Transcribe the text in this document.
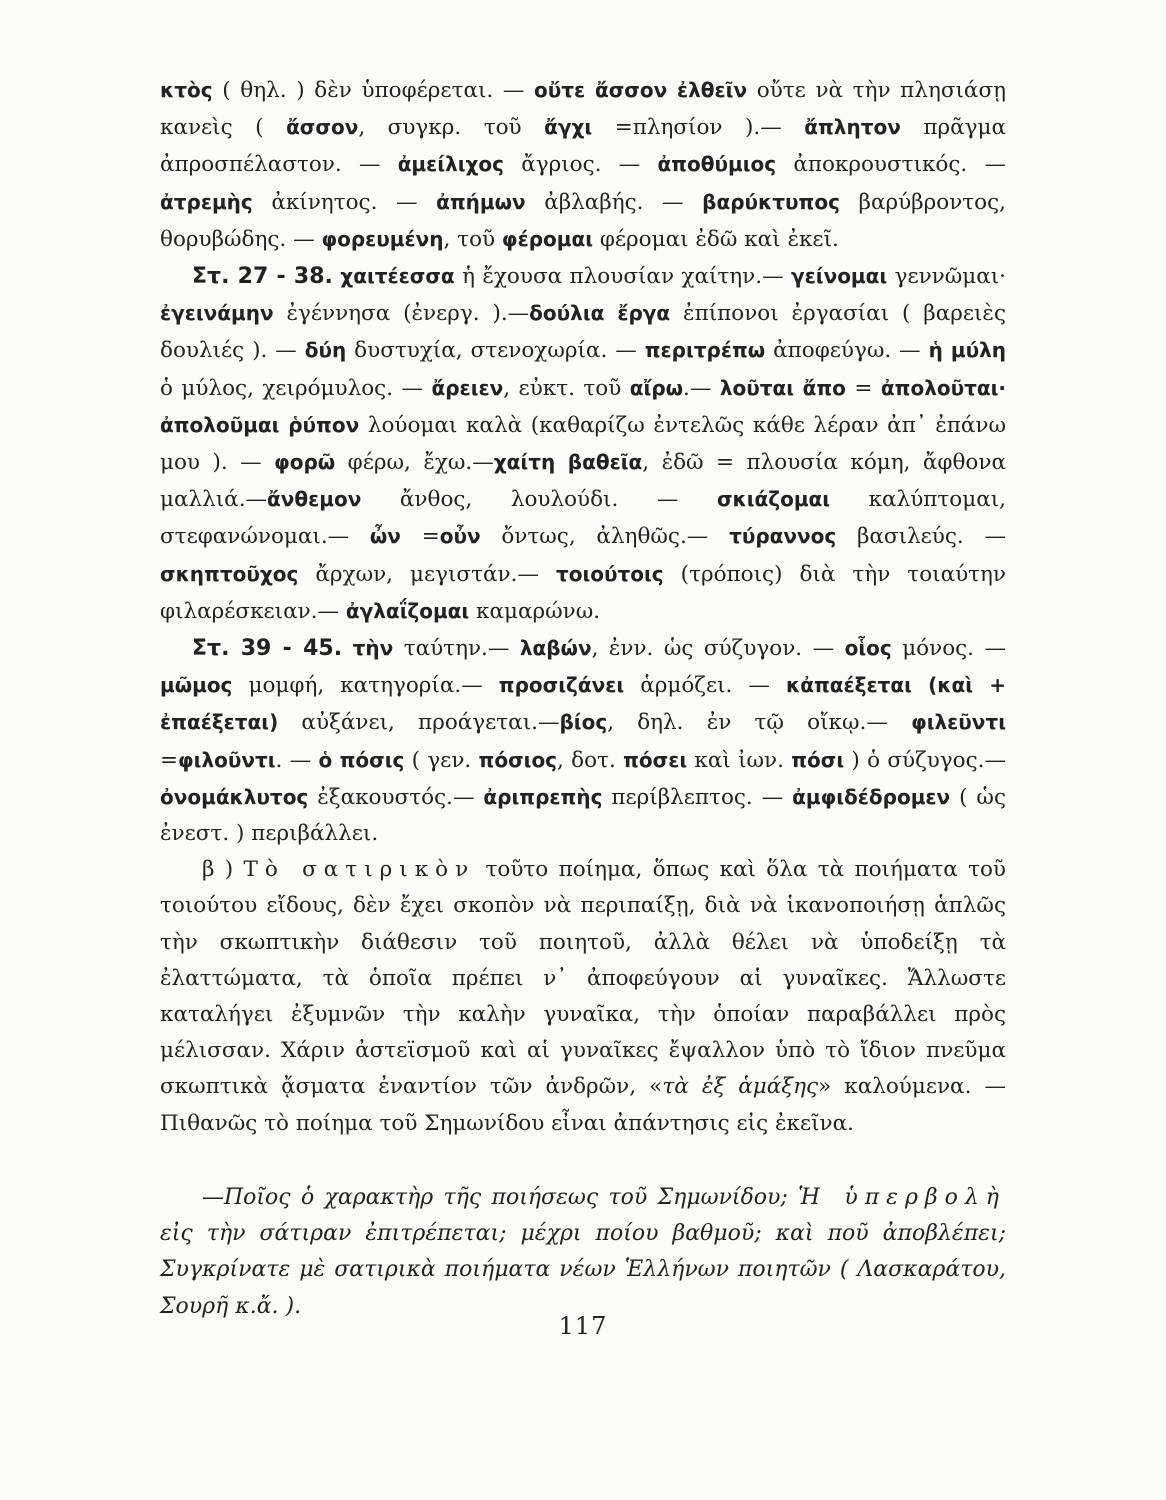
κτὸς ( θηλ. ) δὲν ὑποφέρεται. — οὔτε ἄσσον ἐλθεῖν οὔτε νὰ τὴν πλησιάσῃ κανεὶς ( ἄσσον, συγκρ. τοῦ ἄγχι =πλησίον ).— ἄπλητον πρᾶγμα ἀπροσπέλαστον. — ἀμείλιχος ἄγριος. — ἀποθύμιος ἀποκρουστικός. — ἀτρεμὴς ἀκίνητος. — ἀπήμων ἀβλαβής. — βαρύκτυπος βαρύβροντος, θορυβώδης. — φορευμένη, τοῦ φέρομαι φέρομαι ἐδῶ καὶ ἐκεῖ.

Στ. 27 - 38. χαιτέεσσα ἡ ἔχουσα πλουσίαν χαίτην.— γείνομαι γεννῶμαι· ἐγεινάμην ἐγέννησα (ἐνεργ. ).—δούλια ἔργα ἐπίπονοι ἐργασίαι ( βαρειὲς δουλιές ). — δύη δυστυχία, στενοχωρία. — περιτρέπω ἀποφεύγω. — ἡ μύλη ὁ μύλος, χειρόμυλος. — ἄρειεν, εὐκτ. τοῦ αἴρω.— λοῦται ἄπο = ἀπολοῦται· ἀπολοῦμαι ῥύπον λούομαι καλὰ (καθαρίζω ἐντελῶς κάθε λέραν ἀπ᾽ ἐπάνω μου ). — φορῶ φέρω, ἔχω.—χαίτη βαθεῖα, ἐδῶ = πλουσία κόμη, ἄφθονα μαλλιά.—ἄνθεμον ἄνθος, λουλούδι. — σκιάζομαι καλύπτομαι, στεφανώνομαι.— ὦν =οὖν ὄντως, ἀληθῶς.— τύραννος βασιλεύς. — σκηπτοῦχος ἄρχων, μεγιστάν.— τοιούτοις (τρόποις) διὰ τὴν τοιαύτην φιλαρέσκειαν.— ἀγλαΐζομαι καμαρώνω.

Στ. 39 - 45. τὴν ταύτην.— λαβών, ἐνν. ὡς σύζυγον. — οἷος μόνος. — μῶμος μομφή, κατηγορία.— προσιζάνει ἁρμόζει. — κἀπαέξεται (καὶ + ἐπαέξεται) αὐξάνει, προάγεται.—βίος, δηλ. ἐν τῷ οἴκῳ.— φιλεῦντι =φιλοῦντι. — ὁ πόσις ( γεν. πόσιος, δοτ. πόσει καὶ ἰων. πόσι ) ὁ σύζυγος.— ὀνομάκλυτος ἐξακουστός.— ἀριπρεπὴς περίβλεπτος. — ἀμφιδέδρομεν ( ὡς ἐνεστ. ) περιβάλλει.

β ) Τὸ σατιρικὸν τοῦτο ποίημα, ὅπως καὶ ὅλα τὰ ποιήματα τοῦ τοιούτου εἴδους, δὲν ἔχει σκοπὸν νὰ περιπαίξῃ, διὰ νὰ ἱκανοποιήσῃ ἁπλῶς τὴν σκωπτικὴν διάθεσιν τοῦ ποιητοῦ, ἀλλὰ θέλει νὰ ὑποδείξῃ τὰ ἐλαττώματα, τὰ ὁποῖα πρέπει ν᾽ ἀποφεύγουν αἱ γυναῖκες. Ἄλλωστε καταλήγει ἐξυμνῶν τὴν καλὴν γυναῖκα, τὴν ὁποίαν παραβάλλει πρὸς μέλισσαν. Χάριν ἀστεϊσμοῦ καὶ αἱ γυναῖκες ἔψαλλον ὑπὸ τὸ ἴδιον πνεῦμα σκωπτικὰ ᾄσματα ἐναντίον τῶν ἀνδρῶν, «τὰ ἐξ ἁμάξης» καλούμενα. — Πιθανῶς τὸ ποίημα τοῦ Σημωνίδου εἶναι ἀπάντησις εἰς ἐκεῖνα.

—Ποῖος ὁ χαρακτὴρ τῆς ποιήσεως τοῦ Σημωνίδου; Ἡ ὑπερβολὴ εἰς τὴν σάτιραν ἐπιτρέπεται; μέχρι ποίου βαθμοῦ; καὶ ποῦ ἀποβλέπει; Συγκρίνατε μὲ σατιρικὰ ποιήματα νέων Ἑλλήνων ποιητῶν ( Λασκαράτου, Σουρῆ κ.ἄ. ).

117
